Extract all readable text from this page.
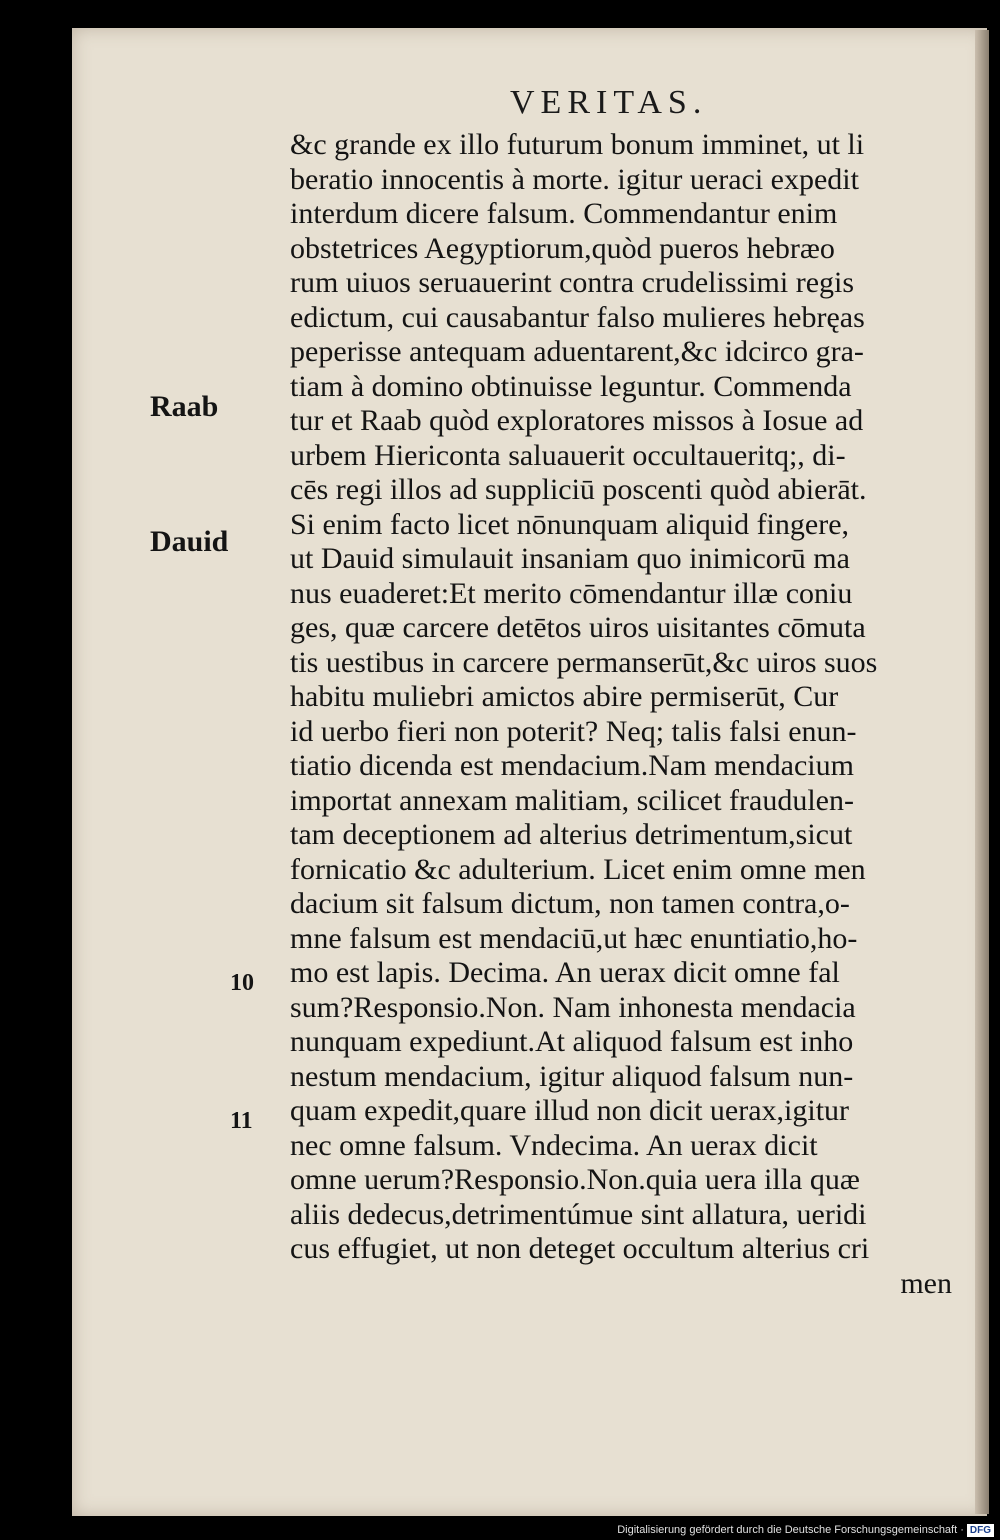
VERITAS.
Raab
Dauid
10
11
&c grande ex illo futurum bonum imminet, ut li
beratio innocentis à morte. igitur ueraci expedit
interdum dicere falsum. Commendantur enim
obstetrices Aegyptiorum,quòd pueros hebræo
rum uiuos seruauerint contra crudelissimi regis
edictum, cui causabantur falso mulieres hebręas
peperisse antequam aduentarent,&c idcirco gra-
tiam à domino obtinuisse leguntur. Commenda
tur et Raab quòd exploratores missos à Iosue ad
urbem Hiericonta saluauerit occultaueritq;, di-
cēs regi illos ad suppliciū poscenti quòd abierāt.
Si enim facto licet nōnunquam aliquid fingere,
ut Dauid simulauit insaniam quo inimicorū ma
nus euaderet:Et merito cōmendantur illæ coniu
ges, quæ carcere detētos uiros uisitantes cōmuta
tis uestibus in carcere permanserūt,&c uiros suos
habitu muliebri amictos abire permiserūt, Cur
id uerbo fieri non poterit? Neq; talis falsi enun-
tiatio dicenda est mendacium.Nam mendacium
importat annexam malitiam, scilicet fraudulen-
tam deceptionem ad alterius detrimentum,sicut
fornicatio &c adulterium. Licet enim omne men
dacium sit falsum dictum, non tamen contra,o-
mne falsum est mendaciū,ut hæc enuntiatio,ho-
mo est lapis. Decima. An uerax dicit omne fal
sum?Responsio.Non. Nam inhonesta mendacia
nunquam expediunt.At aliquod falsum est inho
nestum mendacium, igitur aliquod falsum nun-
quam expedit,quare illud non dicit uerax,igitur
nec omne falsum. Vndecima. An uerax dicit
omne uerum?Responsio.Non.quia uera illa quæ
aliis dedecus,detrimentúmue sint allatura, ueridi
cus effugiet, ut non deteget occultum alterius cri
men
Digitalisierung gefördert durch die Deutsche Forschungsgemeinschaft · DFG
